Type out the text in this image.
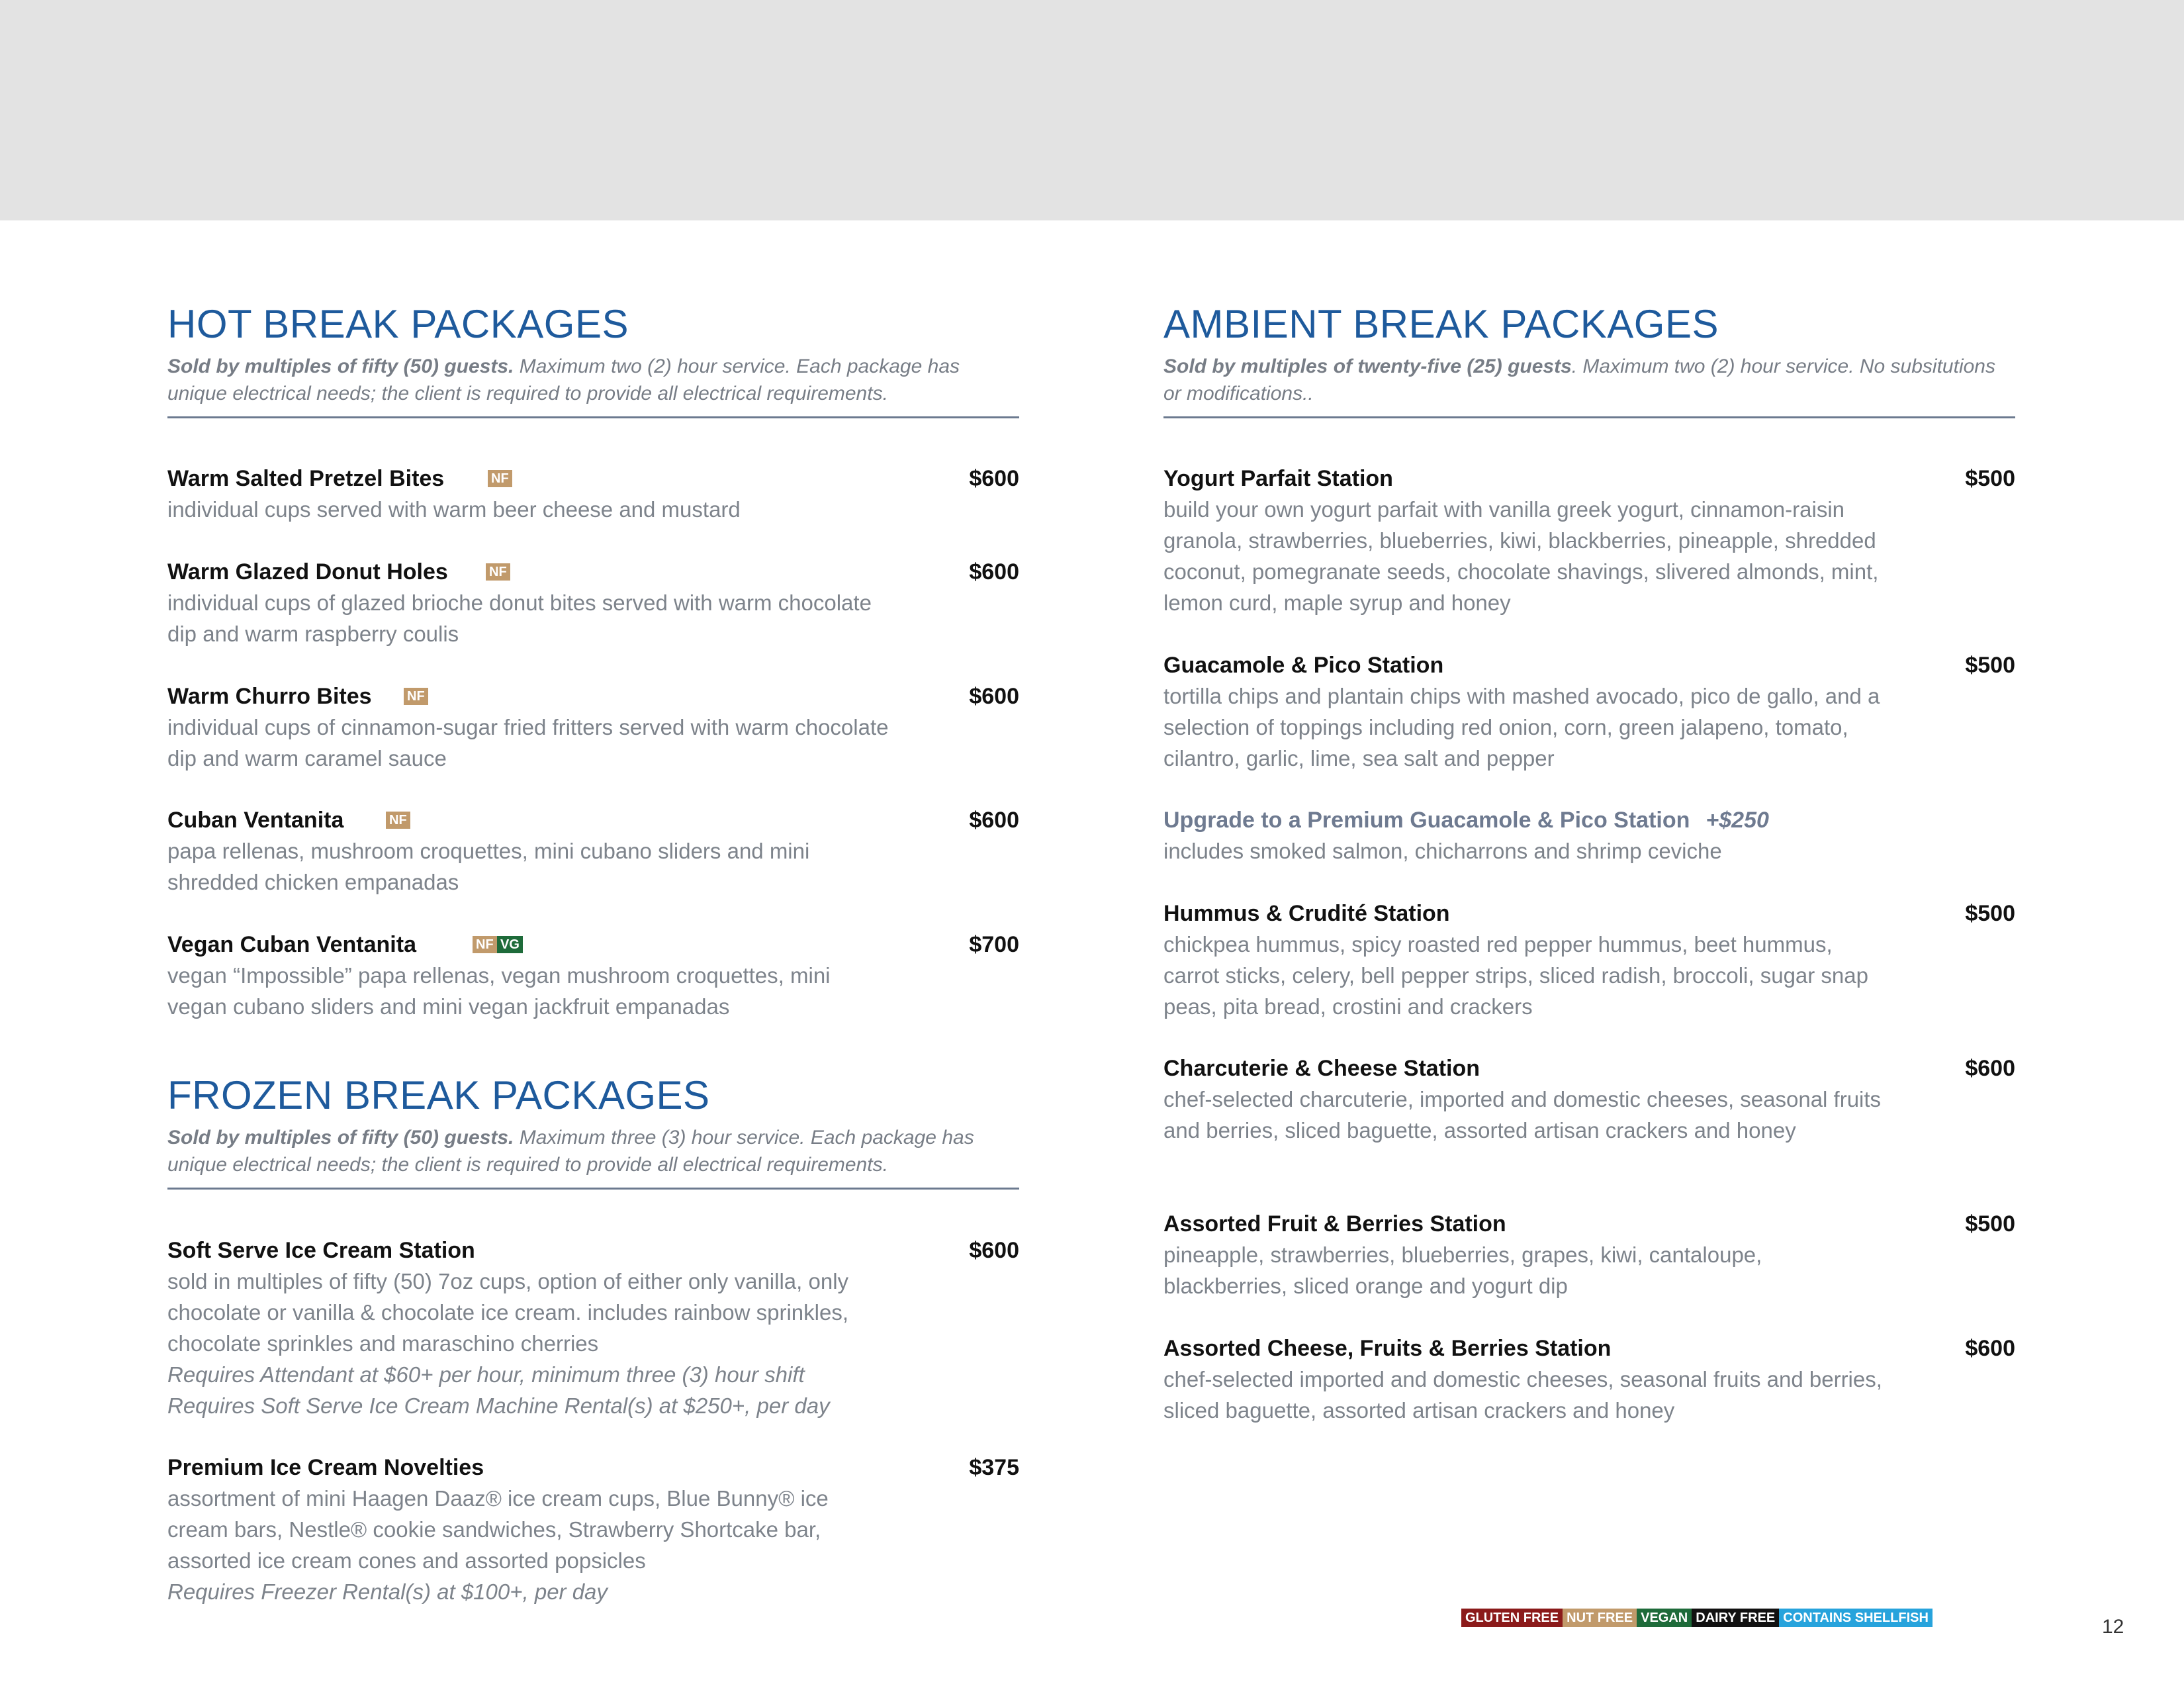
HOT BREAK PACKAGES
Sold by multiples of fifty (50) guests. Maximum two (2) hour service. Each package has unique electrical needs; the client is required to provide all electrical requirements.
Warm Salted Pretzel Bites	NF	$600
individual cups served with warm beer cheese and mustard
Warm Glazed Donut Holes	NF	$600
individual cups of glazed brioche donut bites served with warm chocolate dip and warm raspberry coulis
Warm Churro Bites	NF	$600
individual cups of cinnamon-sugar fried fritters served with warm chocolate dip and warm caramel sauce
Cuban Ventanita	NF	$600
papa rellenas, mushroom croquettes, mini cubano sliders and mini shredded chicken empanadas
Vegan Cuban Ventanita	NF VG	$700
vegan “Impossible” papa rellenas, vegan mushroom croquettes, mini vegan cubano sliders and mini vegan jackfruit empanadas
FROZEN BREAK PACKAGES
Sold by multiples of fifty (50) guests. Maximum three (3) hour service. Each package has unique electrical needs; the client is required to provide all electrical requirements.
Soft Serve Ice Cream Station	$600
sold in multiples of fifty (50) 7oz cups, option of either only vanilla, only chocolate or vanilla & chocolate ice cream. includes rainbow sprinkles, chocolate sprinkles and maraschino cherries
Requires Attendant at $60+ per hour, minimum three (3) hour shift
Requires Soft Serve Ice Cream Machine Rental(s) at $250+, per day
Premium Ice Cream Novelties	$375
assortment of mini Haagen Daaz® ice cream cups, Blue Bunny® ice cream bars, Nestle® cookie sandwiches, Strawberry Shortcake bar, assorted ice cream cones and assorted popsicles
Requires Freezer Rental(s) at $100+, per day
AMBIENT BREAK PACKAGES
Sold by multiples of twenty-five (25) guests. Maximum two (2) hour service. No subsitutions or modifications..
Yogurt Parfait Station	$500
build your own yogurt parfait with vanilla greek yogurt, cinnamon-raisin granola, strawberries, blueberries, kiwi, blackberries, pineapple, shredded coconut, pomegranate seeds, chocolate shavings, slivered almonds, mint, lemon curd, maple syrup and honey
Guacamole & Pico Station	$500
tortilla chips and plantain chips with mashed avocado, pico de gallo, and a selection of toppings including red onion, corn, green jalapeno, tomato, cilantro, garlic, lime, sea salt and pepper
Upgrade to a Premium Guacamole & Pico Station +$250
includes smoked salmon, chicharrons and shrimp ceviche
Hummus & Crudité Station	$500
chickpea hummus, spicy roasted red pepper hummus, beet hummus, carrot sticks, celery, bell pepper strips, sliced radish, broccoli, sugar snap peas, pita bread, crostini and crackers
Charcuterie & Cheese Station	$600
chef-selected charcuterie, imported and domestic cheeses, seasonal fruits and berries, sliced baguette, assorted artisan crackers and honey
Assorted Fruit & Berries Station	$500
pineapple, strawberries, blueberries, grapes, kiwi, cantaloupe, blackberries, sliced orange and yogurt dip
Assorted Cheese, Fruits & Berries Station	$600
chef-selected imported and domestic cheeses, seasonal fruits and berries, sliced baguette, assorted artisan crackers and honey
GLUTEN FREE NUT FREE VEGAN DAIRY FREE CONTAINS SHELLFISH	12
